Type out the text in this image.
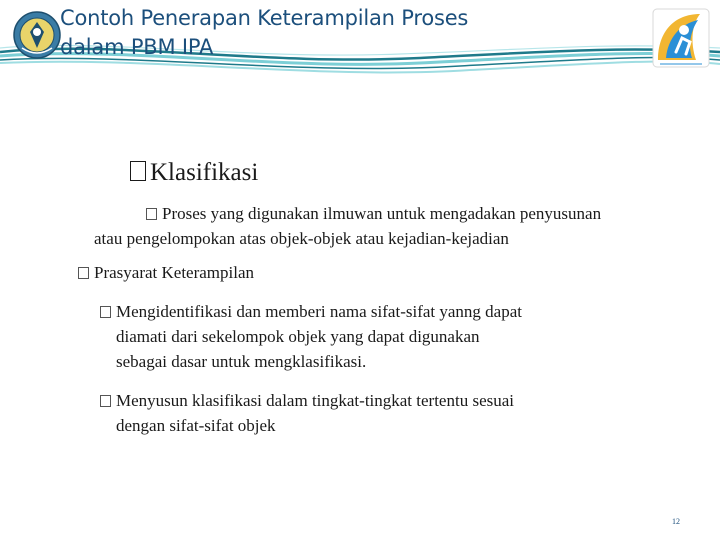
Contoh Penerapan Keterampilan Proses
dalam PBM IPA
Klasifikasi
Proses yang digunakan ilmuwan untuk mengadakan penyusunan
atau pengelompokan atas objek-objek atau kejadian-kejadian
Prasyarat Keterampilan
Mengidentifikasi dan memberi nama sifat-sifat yanng dapat
diamati dari sekelompok objek yang dapat digunakan
sebagai dasar untuk mengklasifikasi.
Menyusun klasifikasi dalam tingkat-tingkat tertentu sesuai
dengan sifat-sifat objek
12
